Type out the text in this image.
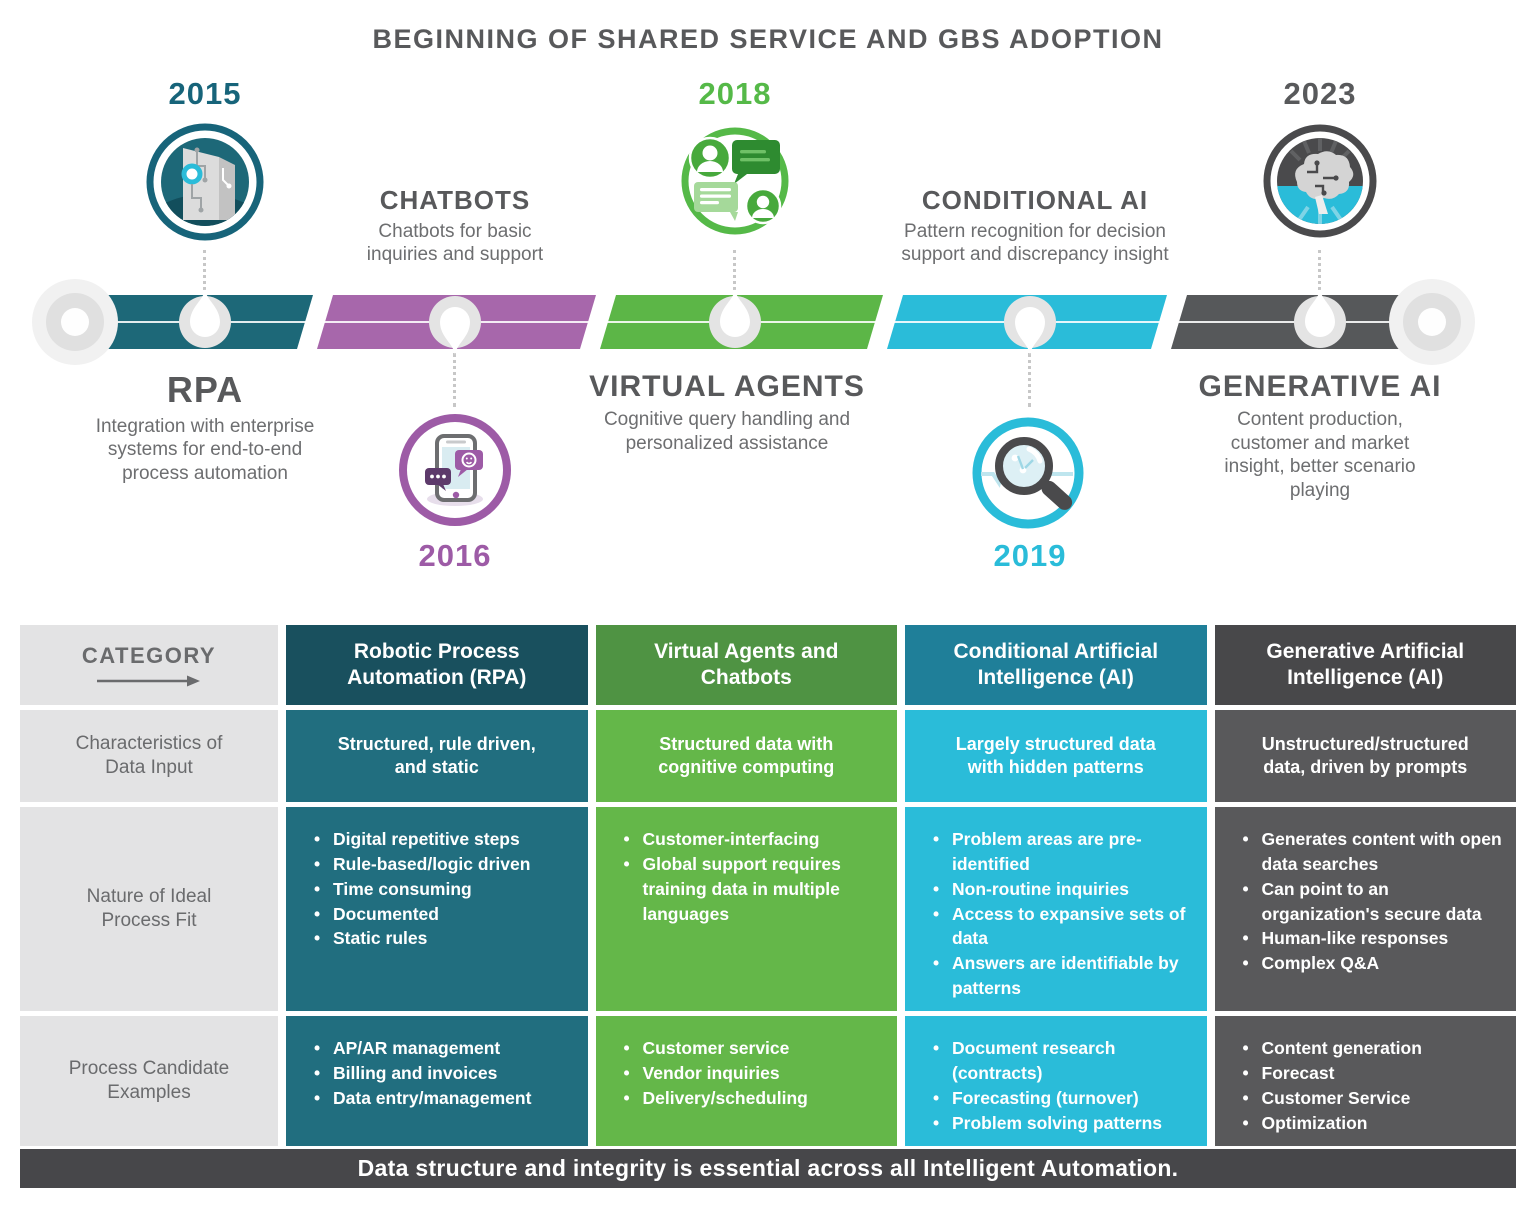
BEGINNING OF SHARED SERVICE AND GBS ADOPTION
2015
RPA
Integration with enterprise systems for end-to-end process automation
CHATBOTS
Chatbots for basic inquiries and support
2016
2018
VIRTUAL AGENTS
Cognitive query handling and personalized assistance
CONDITIONAL AI
Pattern recognition for decision support and discrepancy insight
2019
2023
GENERATIVE AI
Content production, customer and market insight, better scenario playing
CATEGORY	Robotic Process Automation (RPA)
Virtual Agents and Chatbots
Conditional Artificial Intelligence (AI)
Generative Artificial Intelligence (AI)
Characteristics of Data Input
Structured, rule driven, and static
Structured data with cognitive computing
Largely structured data with hidden patterns
Unstructured/structured data, driven by prompts
Nature of Ideal Process Fit
• Digital repetitive steps
• Rule-based/logic driven
• Time consuming
• Documented
• Static rules
• Customer-interfacing
• Global support requires training data in multiple languages
• Problem areas are pre-identified
• Non-routine inquiries
• Access to expansive sets of data
• Answers are identifiable by patterns
• Generates content with open data searches
• Can point to an organization's secure data
• Human-like responses
• Complex Q&A
Process Candidate Examples
• AP/AR management
• Billing and invoices
• Data entry/management
• Customer service
• Vendor inquiries
• Delivery/scheduling
• Document research (contracts)
• Forecasting (turnover)
• Problem solving patterns
• Content generation
• Forecast
• Customer Service
• Optimization
Data structure and integrity is essential across all Intelligent Automation.
